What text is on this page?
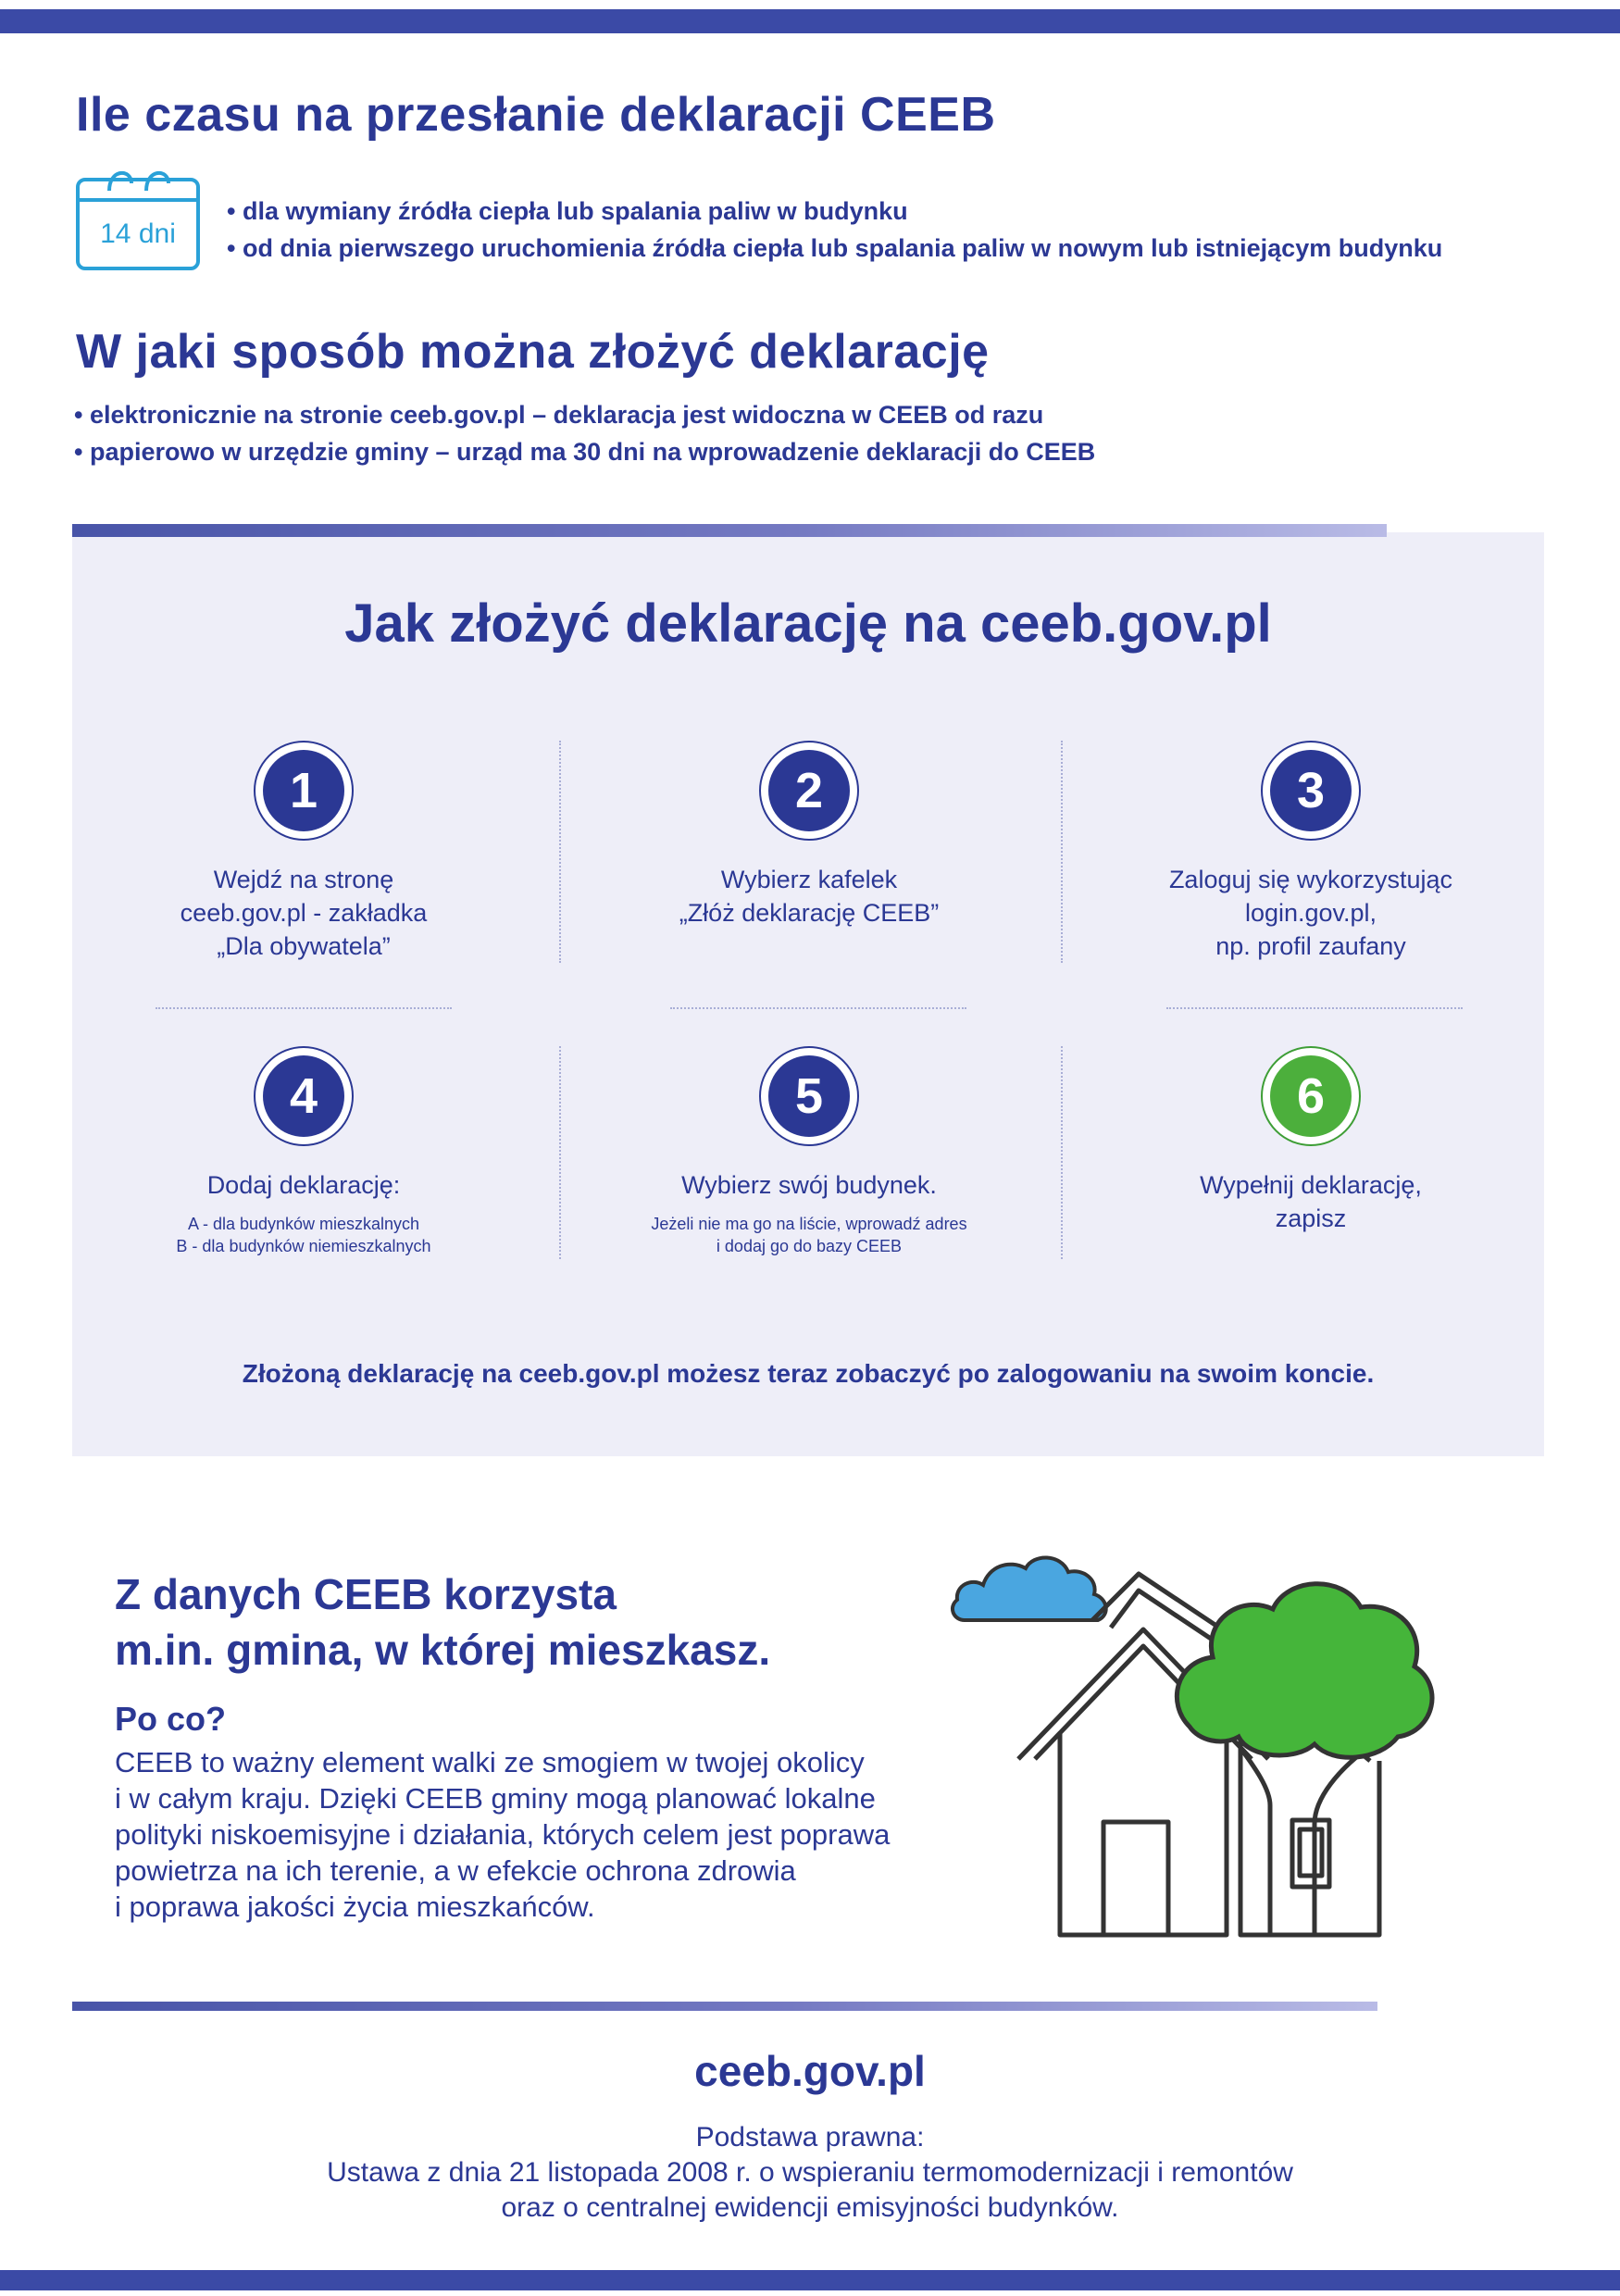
Ile czasu na przesłanie deklaracji CEEB
14 dni
• dla wymiany źródła ciepła lub spalania paliw w budynku
• od dnia pierwszego uruchomienia źródła ciepła lub spalania paliw w nowym lub istniejącym budynku
W jaki sposób można złożyć deklarację
• elektronicznie na stronie ceeb.gov.pl – deklaracja jest widoczna w CEEB od razu
• papierowo w urzędzie gminy – urząd ma 30 dni na wprowadzenie deklaracji do CEEB
Jak złożyć deklarację na ceeb.gov.pl
1
Wejdź na stronę
ceeb.gov.pl - zakładka
„Dla obywatela”
2
Wybierz kafelek
„Złóż deklarację CEEB”
3
Zaloguj się wykorzystując
login.gov.pl,
np. profil zaufany
4
Dodaj deklarację:
A - dla budynków mieszkalnych
B - dla budynków niemieszkalnych
5
Wybierz swój budynek.
Jeżeli nie ma go na liście, wprowadź adres
i dodaj go do bazy CEEB
6
Wypełnij deklarację,
zapisz
Złożoną deklarację na ceeb.gov.pl możesz teraz zobaczyć po zalogowaniu na swoim koncie.
Z danych CEEB korzysta
m.in. gmina, w której mieszkasz.
Po co?
CEEB to ważny element walki ze smogiem w twojej okolicy
i w całym kraju. Dzięki CEEB gminy mogą planować lokalne
polityki niskoemisyjne i działania, których celem jest poprawa
powietrza na ich terenie, a w efekcie ochrona zdrowia
i poprawa jakości życia mieszkańców.
ceeb.gov.pl
Podstawa prawna:
Ustawa z dnia 21 listopada 2008 r. o wspieraniu termomodernizacji i remontów
oraz o centralnej ewidencji emisyjności budynków.
